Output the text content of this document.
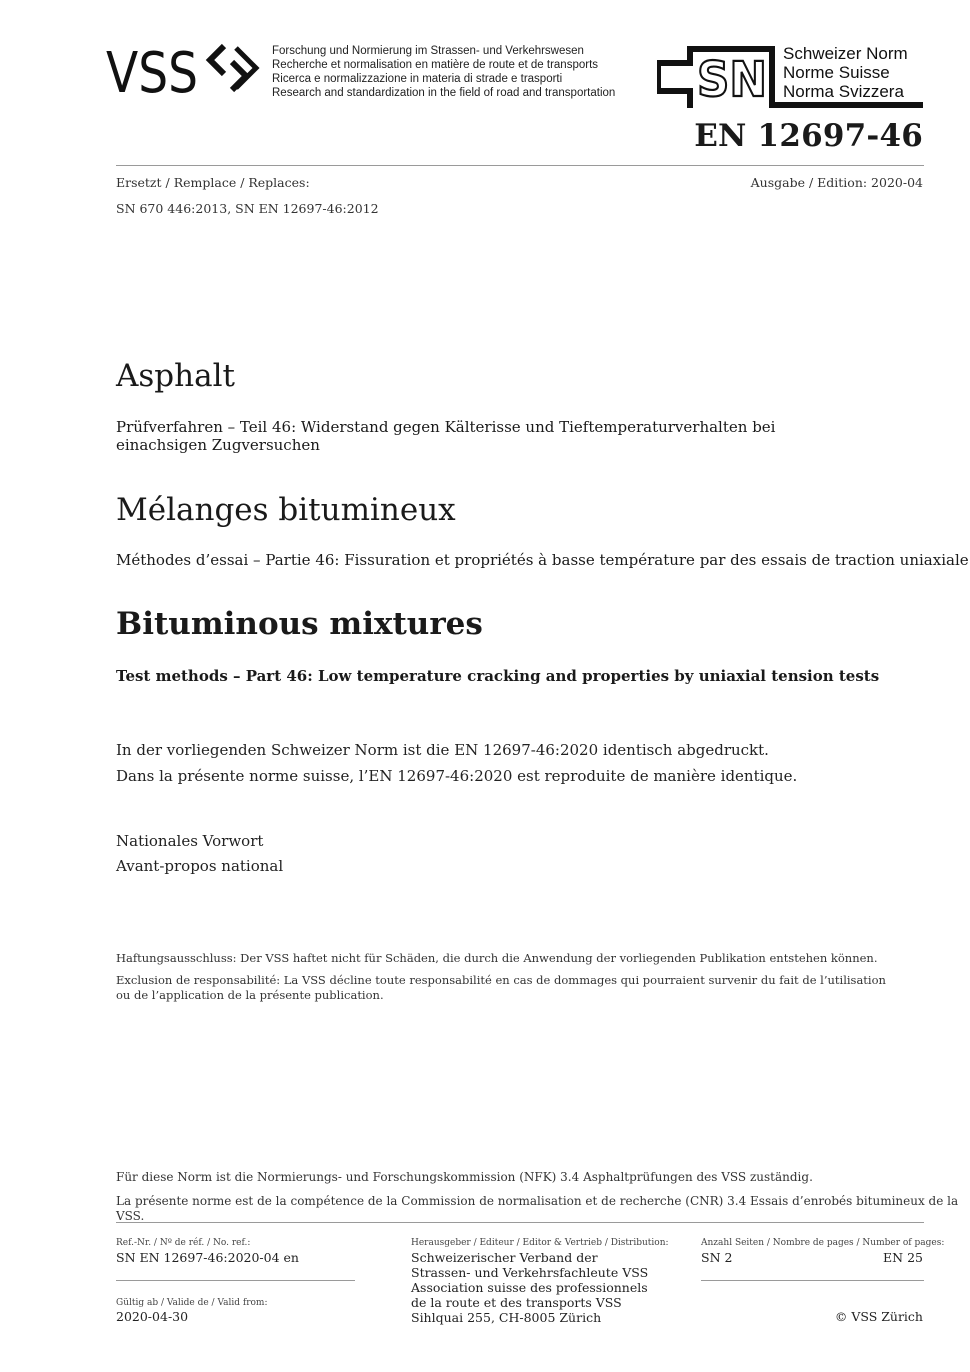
VSS	Forschung und Normierung im Strassen- und Verkehrswesen
Recherche et normalisation en matière de route et de transports
Ricerca e normalizzazione in materia di strade e trasporti
Research and standardization in the field of road and transportation SN Schweizer Norm
Norme Suisse
Norma Svizzera
EN 12697-46
Ersetzt / Remplace / Replaces:	Ausgabe / Edition: 2020-04
SN 670 446:2013, SN EN 12697-46:2012
Asphalt
Prüfverfahren – Teil 46: Widerstand gegen Kälterisse und Tieftemperaturverhalten bei einachsigen Zugversuchen
Mélanges bitumineux
Méthodes d’essai – Partie 46: Fissuration et propriétés à basse température par des essais de traction uniaxiale
Bituminous mixtures
Test methods – Part 46: Low temperature cracking and properties by uniaxial tension tests
In der vorliegenden Schweizer Norm ist die EN 12697-46:2020 identisch abgedruckt.
Dans la présente norme suisse, l’EN 12697-46:2020 est reproduite de manière identique.
Nationales Vorwort
Avant-propos national
Haftungsausschluss: Der VSS haftet nicht für Schäden, die durch die Anwendung der vorliegenden Publikation entstehen können.
Exclusion de responsabilité: La VSS décline toute responsabilité en cas de dommages qui pourraient survenir du fait de l’utilisation
ou de l’application de la présente publication.
Für diese Norm ist die Normierungs- und Forschungskommission (NFK) 3.4 Asphaltprüfungen des VSS zuständig.
La présente norme est de la compétence de la Commission de normalisation et de recherche (CNR) 3.4 Essais d’enrobés bitumineux de la VSS.
Ref.-Nr. / Nº de réf. / No. ref.:
SN EN 12697-46:2020-04 en
Gültig ab / Valide de / Valid from:
2020-04-30
Herausgeber / Editeur / Editor & Vertrieb / Distribution:
Schweizerischer Verband der
Strassen- und Verkehrsfachleute VSS
Association suisse des professionnels
de la route et des transports VSS
Sihlquai 255, CH-8005 Zürich
Anzahl Seiten / Nombre de pages / Number of pages:
SN 2	EN 25
© VSS Zürich
